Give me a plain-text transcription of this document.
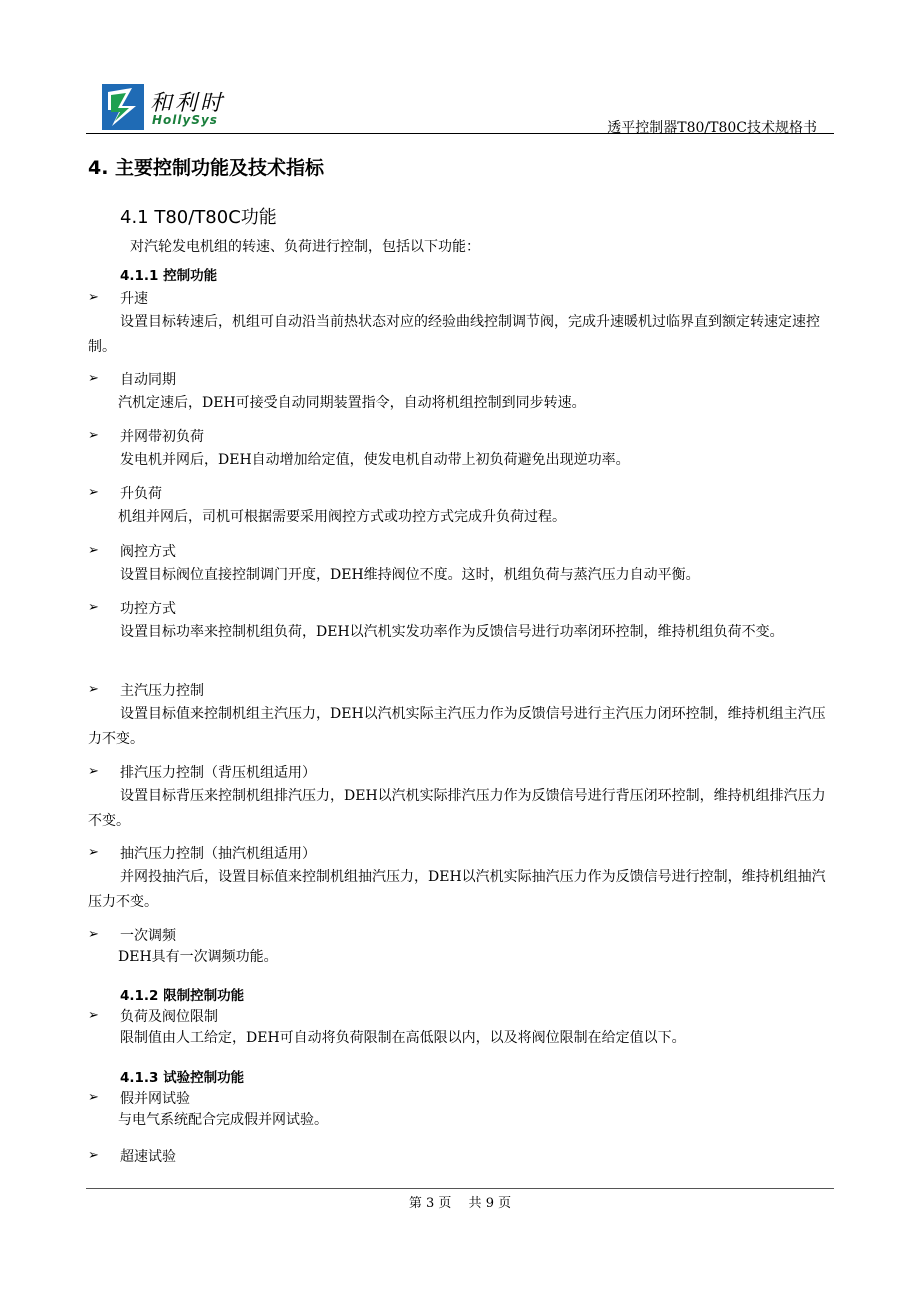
和利时
HollySys	透平控制器T80/T80C技术规格书
4. 主要控制功能及技术指标
4.1 T80/T80C功能
对汽轮发电机组的转速、负荷进行控制，包括以下功能：
4.1.1 控制功能
➢ 升速
设置目标转速后，机组可自动沿当前热状态对应的经验曲线控制调节阀，完成升速暖机过临界直到额定转速定速控制。
➢ 自动同期
汽机定速后，DEH可接受自动同期装置指令，自动将机组控制到同步转速。
➢ 并网带初负荷
发电机并网后，DEH自动增加给定值，使发电机自动带上初负荷避免出现逆功率。
➢ 升负荷
机组并网后，司机可根据需要采用阀控方式或功控方式完成升负荷过程。
➢ 阀控方式
设置目标阀位直接控制调门开度，DEH维持阀位不度。这时，机组负荷与蒸汽压力自动平衡。
➢ 功控方式
设置目标功率来控制机组负荷，DEH以汽机实发功率作为反馈信号进行功率闭环控制，维持机组负荷不变。
➢ 主汽压力控制
设置目标值来控制机组主汽压力，DEH以汽机实际主汽压力作为反馈信号进行主汽压力闭环控制，维持机组主汽压力不变。
➢ 排汽压力控制（背压机组适用）
设置目标背压来控制机组排汽压力，DEH以汽机实际排汽压力作为反馈信号进行背压闭环控制，维持机组排汽压力不变。
➢ 抽汽压力控制（抽汽机组适用）
并网投抽汽后，设置目标值来控制机组抽汽压力，DEH以汽机实际抽汽压力作为反馈信号进行控制，维持机组抽汽压力不变。
➢ 一次调频
DEH具有一次调频功能。
4.1.2 限制控制功能
➢ 负荷及阀位限制
限制值由人工给定，DEH可自动将负荷限制在高低限以内，以及将阀位限制在给定值以下。
4.1.3 试验控制功能
➢ 假并网试验
与电气系统配合完成假并网试验。
➢ 超速试验
第 3 页　 共 9 页
